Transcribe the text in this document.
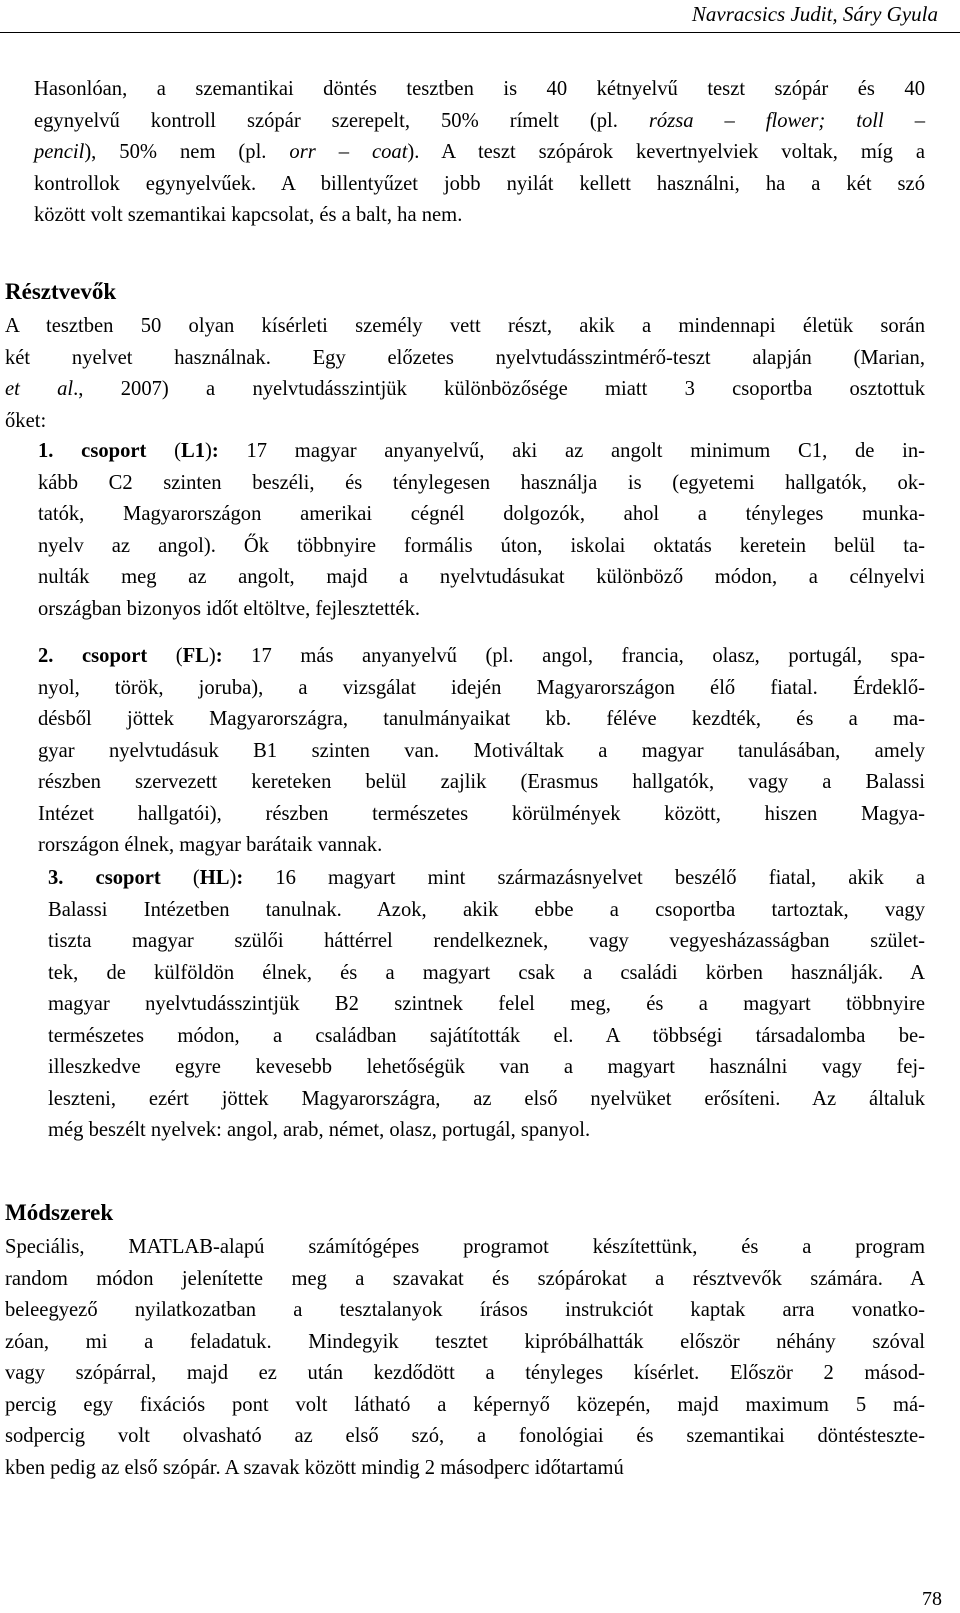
Navracsics Judit, Sáry Gyula
Hasonlóan, a szemantikai döntés tesztben is 40 kétnyelvű teszt szópár és 40
egynyelvű kontroll szópár szerepelt, 50% rímelt (pl. rózsa – flower; toll –
pencil), 50% nem (pl. orr – coat). A teszt szópárok kevertnyelviek voltak, míg a
kontrollok egynyelvűek. A billentyűzet jobb nyilát kellett használni, ha a két szó
között volt szemantikai kapcsolat, és a balt, ha nem.
Résztvevők
A tesztben 50 olyan kísérleti személy vett részt, akik a mindennapi életük során
két nyelvet használnak. Egy előzetes nyelvtudásszintmérő-teszt alapján (Marian,
et al., 2007) a nyelvtudásszintjük különbözősége miatt 3 csoportba osztottuk
őket:
1. csoport (L1): 17 magyar anyanyelvű, aki az angolt minimum C1, de in-
kább C2 szinten beszéli, és ténylegesen használja is (egyetemi hallgatók, ok-
tatók, Magyarországon amerikai cégnél dolgozók, ahol a tényleges munka-
nyelv az angol). Ők többnyire formális úton, iskolai oktatás keretein belül ta-
nulták meg az angolt, majd a nyelvtudásukat különböző módon, a célnyelvi
országban bizonyos időt eltöltve, fejlesztették.
2. csoport (FL): 17 más anyanyelvű (pl. angol, francia, olasz, portugál, spa-
nyol, török, joruba), a vizsgálat idején Magyarországon élő fiatal. Érdeklő-
désből jöttek Magyarországra, tanulmányaikat kb. féléve kezdték, és a ma-
gyar nyelvtudásuk B1 szinten van. Motiváltak a magyar tanulásában, amely
részben szervezett kereteken belül zajlik (Erasmus hallgatók, vagy a Balassi
Intézet hallgatói), részben természetes körülmények között, hiszen Magya-
rországon élnek, magyar barátaik vannak.
3. csoport (HL): 16 magyart mint származásnyelvet beszélő fiatal, akik a
Balassi Intézetben tanulnak. Azok, akik ebbe a csoportba tartoztak, vagy
tiszta magyar szülői háttérrel rendelkeznek, vagy vegyesházasságban szület-
tek, de külföldön élnek, és a magyart csak a családi körben használják. A
magyar nyelvtudásszintjük B2 szintnek felel meg, és a magyart többnyire
természetes módon, a családban sajátították el. A többségi társadalomba be-
illeszkedve egyre kevesebb lehetőségük van a magyart használni vagy fej-
leszteni, ezért jöttek Magyarországra, az első nyelvüket erősíteni. Az általuk
még beszélt nyelvek: angol, arab, német, olasz, portugál, spanyol.
Módszerek
Speciális, MATLAB-alapú számítógépes programot készítettünk, és a program
random módon jelenítette meg a szavakat és szópárokat a résztvevők számára. A
beleegyező nyilatkozatban a tesztalanyok írásos instrukciót kaptak arra vonatko-
zóan, mi a feladatuk. Mindegyik tesztet kipróbálhatták először néhány szóval
vagy szópárral, majd ez után kezdődött a tényleges kísérlet. Először 2 másod-
percig egy fixációs pont volt látható a képernyő közepén, majd maximum 5 má-
sodpercig volt olvasható az első szó, a fonológiai és szemantikai döntésteszte-
kben pedig az első szópár. A szavak között mindig 2 másodperc időtartamú
78
